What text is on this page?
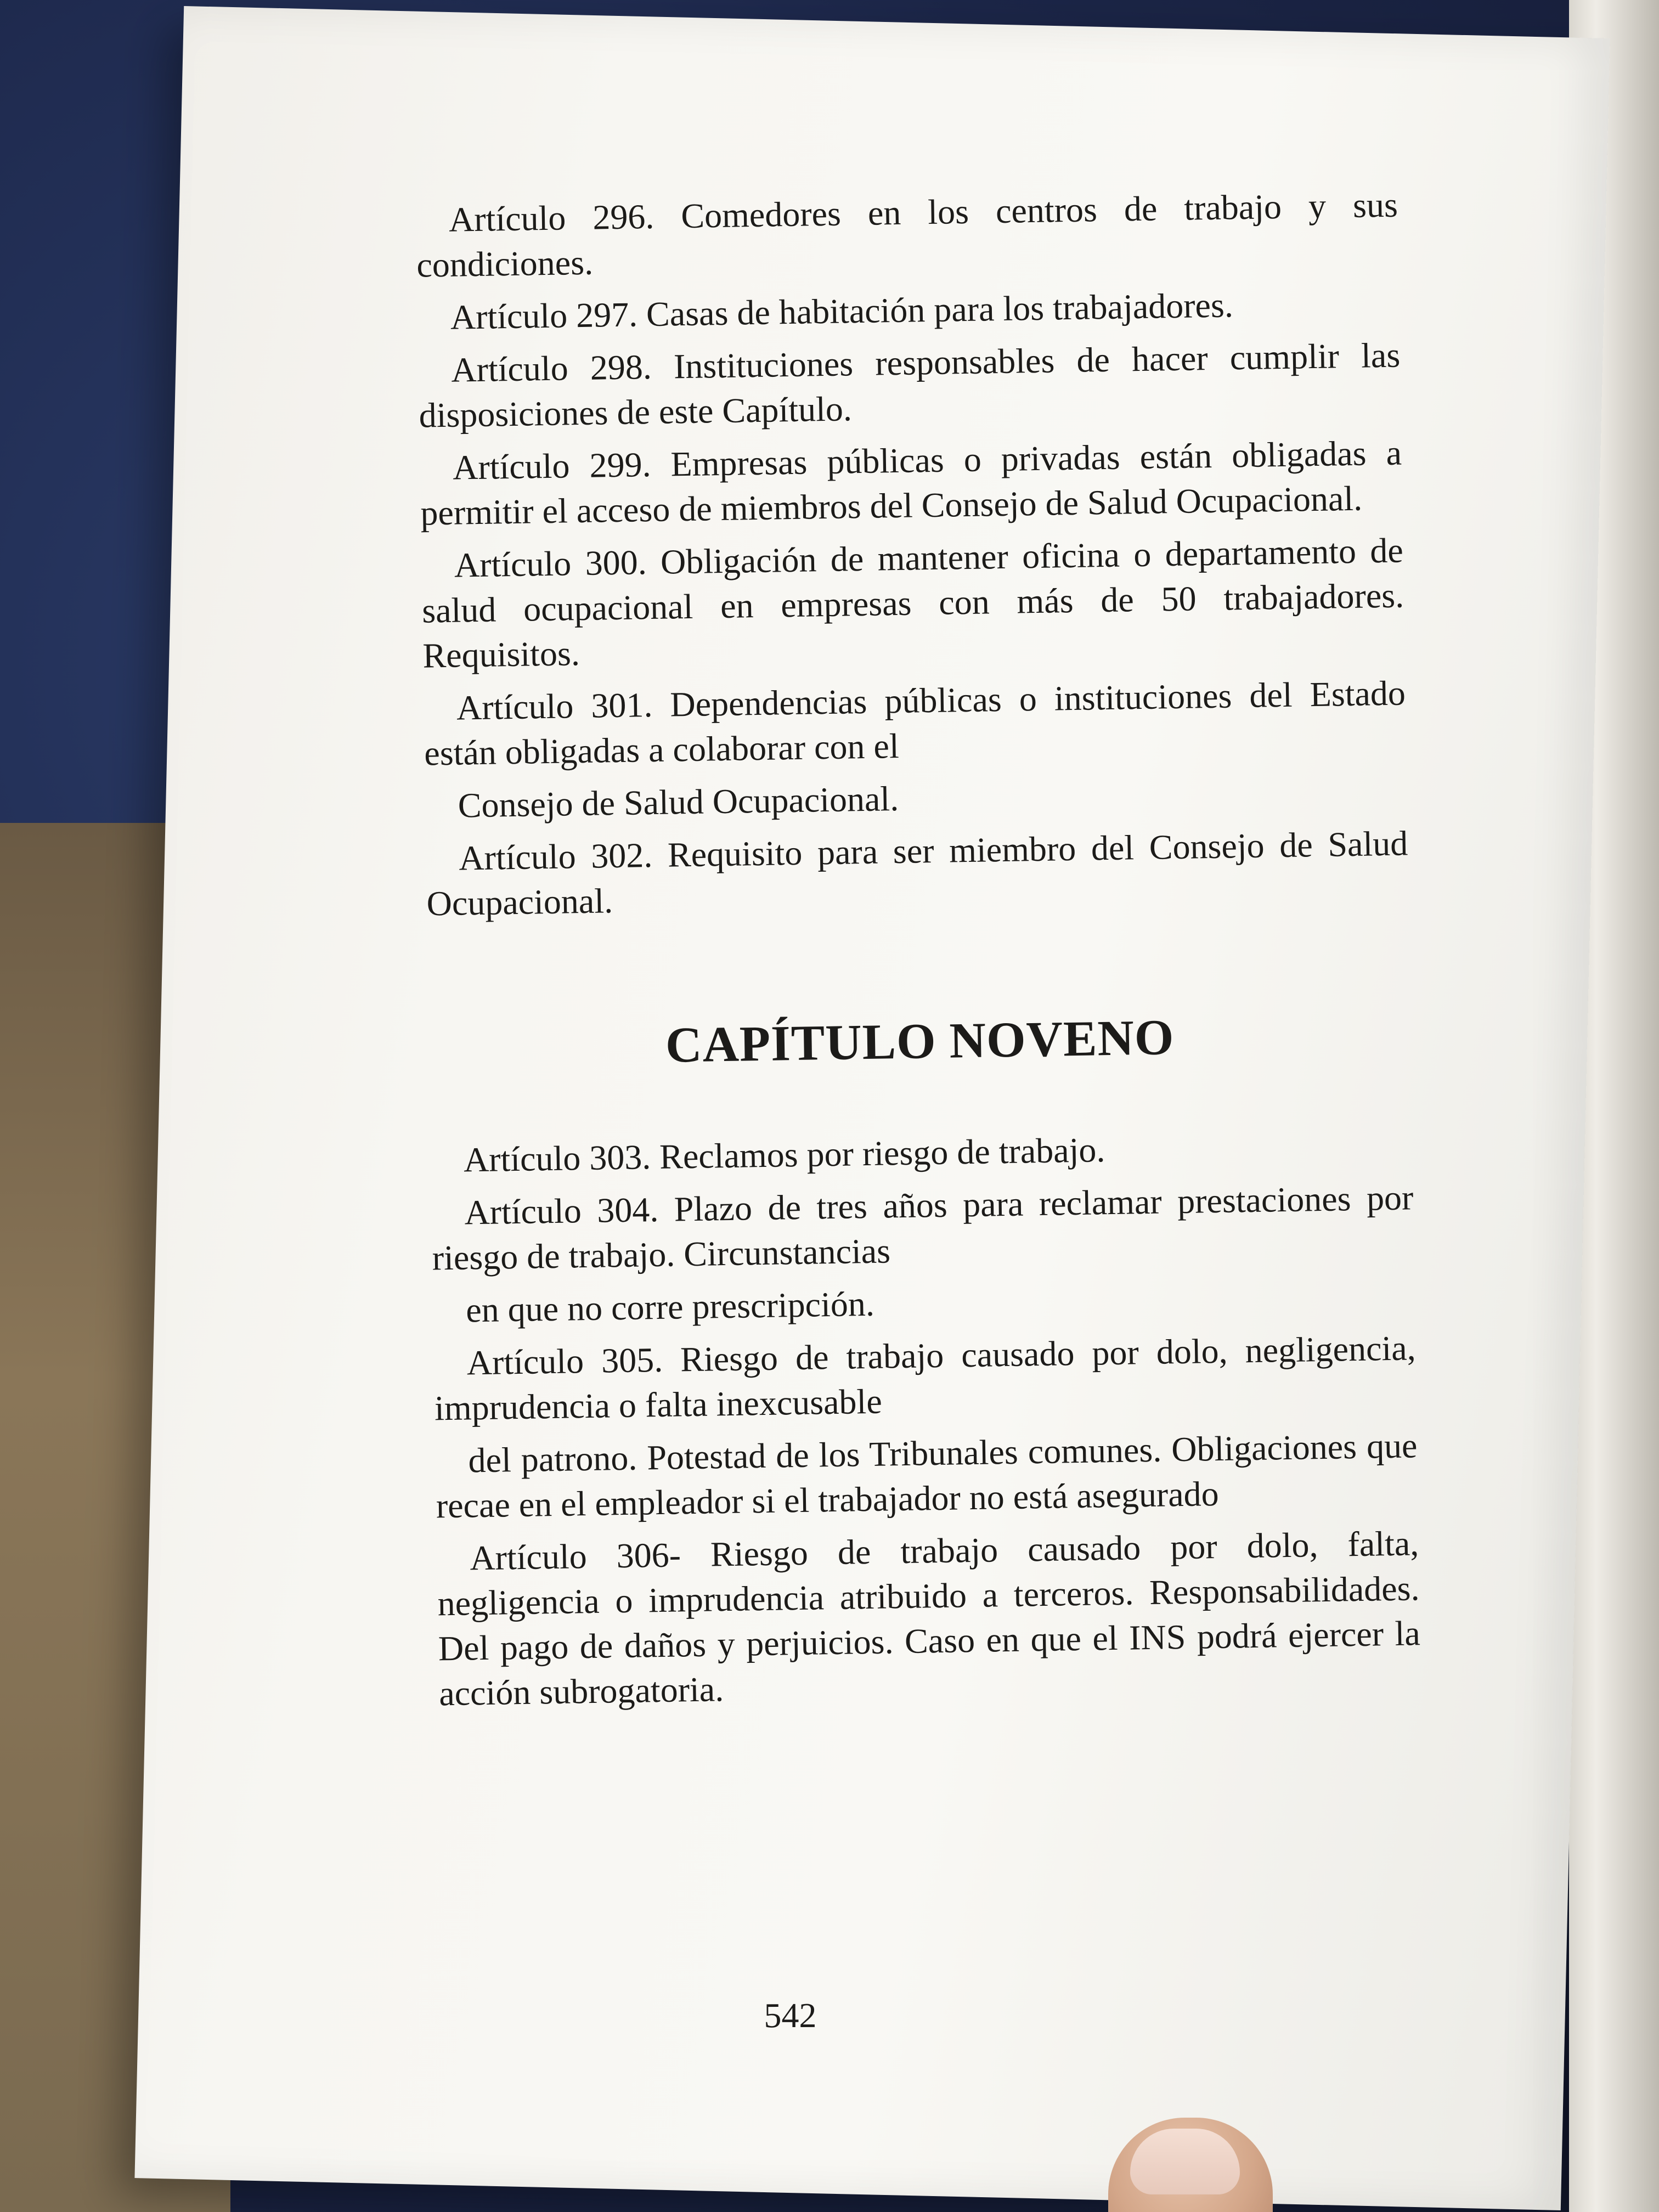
Artículo 296. Comedores en los centros de trabajo y sus condiciones.

Artículo 297. Casas de habitación para los trabajadores.

Artículo 298. Instituciones responsables de hacer cumplir las disposiciones de este Capítulo.

Artículo 299. Empresas públicas o privadas están obligadas a permitir el acceso de miembros del Consejo de Salud Ocupacional.

Artículo 300. Obligación de mantener oficina o departamento de salud ocupacional en empresas con más de 50 trabajadores. Requisitos.

Artículo 301. Dependencias públicas o instituciones del Estado están obligadas a colaborar con el

Consejo de Salud Ocupacional.

Artículo 302. Requisito para ser miembro del Consejo de Salud Ocupacional.

CAPÍTULO NOVENO

Artículo 303. Reclamos por riesgo de trabajo.

Artículo 304. Plazo de tres años para reclamar prestaciones por riesgo de trabajo. Circunstancias

en que no corre prescripción.

Artículo 305. Riesgo de trabajo causado por dolo, negligencia, imprudencia o falta inexcusable

del patrono. Potestad de los Tribunales comunes. Obligaciones que recae en el empleador si el trabajador no está asegurado

Artículo 306- Riesgo de trabajo causado por dolo, falta, negligencia o imprudencia atribuido a terceros. Responsabilidades. Del pago de daños y perjuicios. Caso en que el INS podrá ejercer la acción subrogatoria.

542
